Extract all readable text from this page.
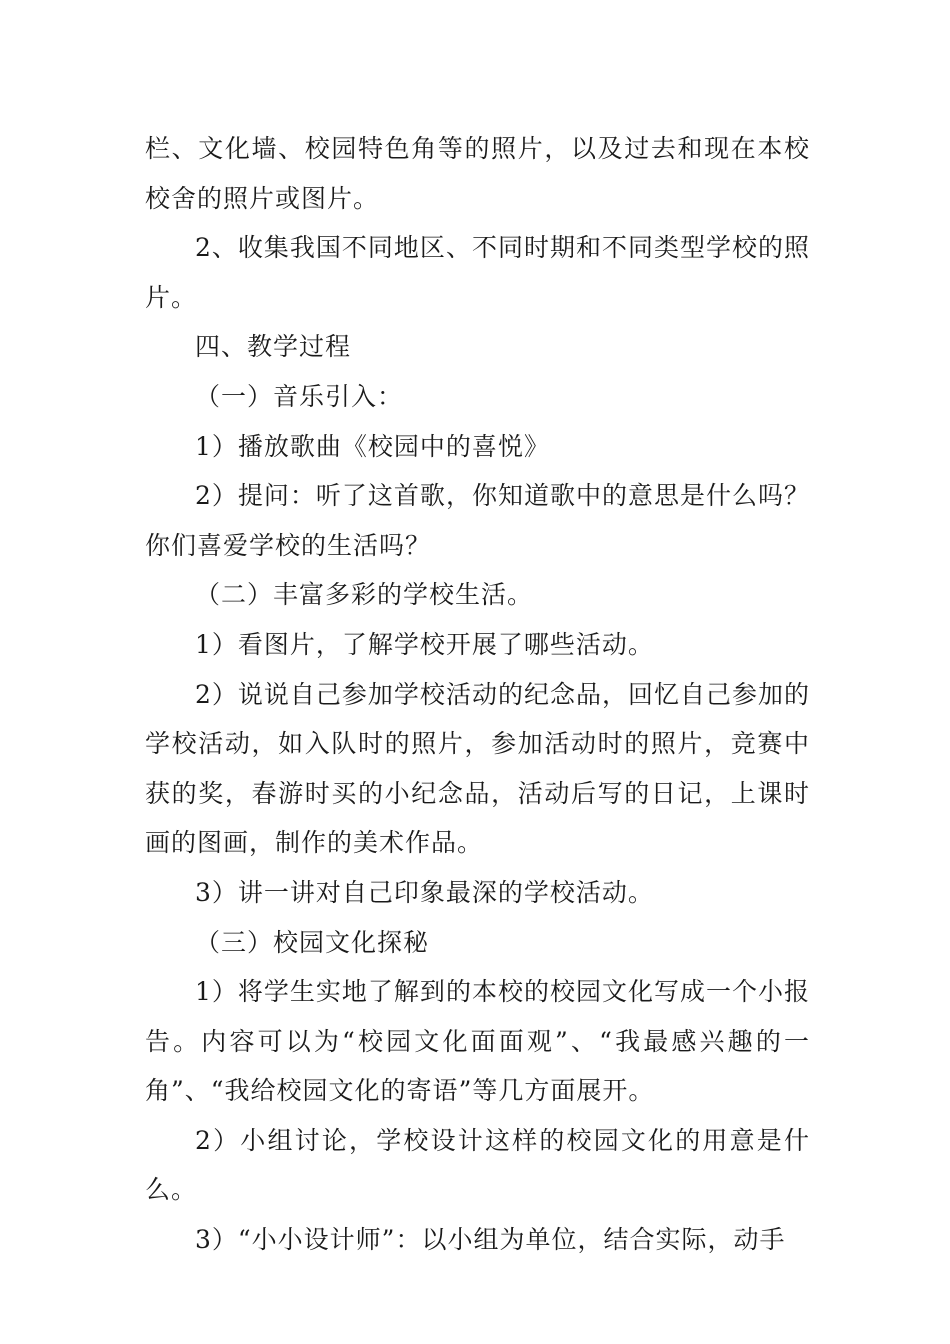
栏、文化墙、校园特色角等的照片，以及过去和现在本校校舍的照片或图片。

2、收集我国不同地区、不同时期和不同类型学校的照片。

四、教学过程

（一）音乐引入：

1）播放歌曲《校园中的喜悦》

2）提问：听了这首歌，你知道歌中的意思是什么吗？你们喜爱学校的生活吗？

（二）丰富多彩的学校生活。

1）看图片，了解学校开展了哪些活动。

2）说说自己参加学校活动的纪念品，回忆自己参加的学校活动，如入队时的照片，参加活动时的照片，竞赛中获的奖，春游时买的小纪念品，活动后写的日记，上课时画的图画，制作的美术作品。

3）讲一讲对自己印象最深的学校活动。

（三）校园文化探秘

1）将学生实地了解到的本校的校园文化写成一个小报告。内容可以为“校园文化面面观”、“我最感兴趣的一角”、“我给校园文化的寄语”等几方面展开。

2）小组讨论，学校设计这样的校园文化的用意是什么。

3）“小小设计师”：以小组为单位，结合实际，动手
